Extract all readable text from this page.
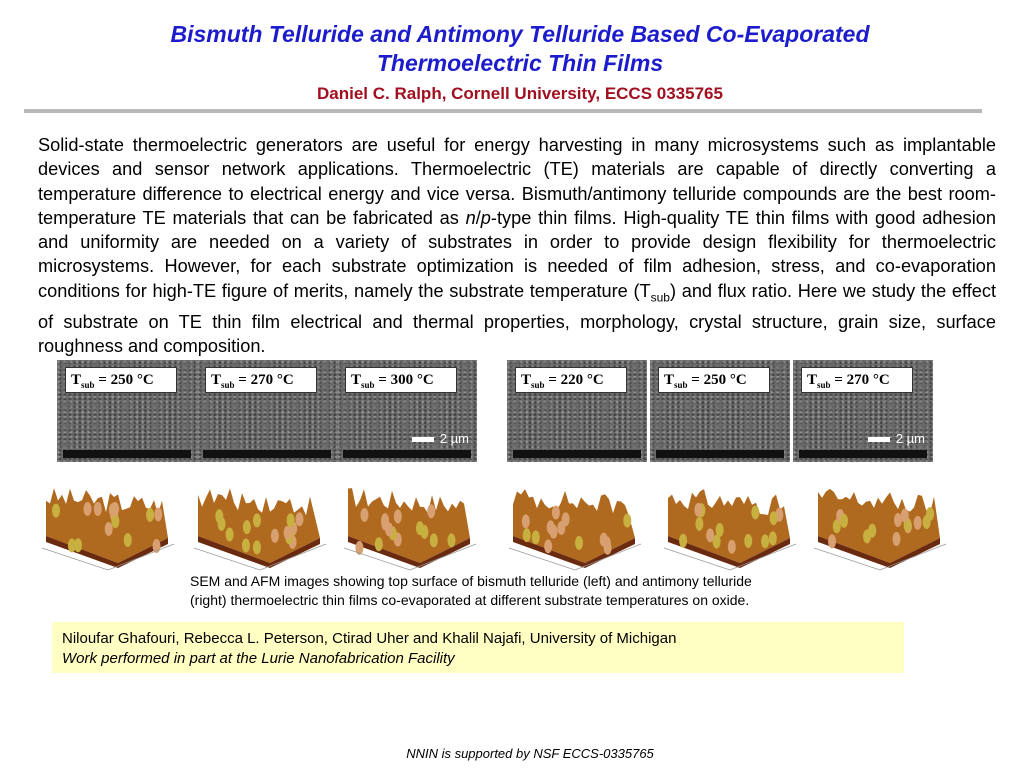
Bismuth Telluride and Antimony Telluride Based Co-Evaporated
Thermoelectric Thin Films
Daniel C. Ralph, Cornell University, ECCS 0335765
Solid-state thermoelectric generators are useful for energy harvesting in many microsystems such as implantable devices and sensor network applications. Thermoelectric (TE) materials are capable of directly converting a temperature difference to electrical energy and vice versa. Bismuth/antimony telluride compounds are the best room-temperature TE materials that can be fabricated as n/p-type thin films. High-quality TE thin films with good adhesion and uniformity are needed on a variety of substrates in order to provide design flexibility for thermoelectric microsystems. However, for each substrate optimization is needed of film adhesion, stress, and co-evaporation conditions for high-TE figure of merits, namely the substrate temperature $(T_{sub})$ and flux ratio. Here we study the effect of substrate on TE thin film electrical and thermal properties, morphology, crystal structure, grain size, surface roughness and composition.
$T_{sub} = 250$ °C	$T_{sub} = 270$ °C	$T_{sub} = 300$ °C
2 µm
$T_{sub} = 220$ °C	$T_{sub} = 250$ °C	$T_{sub} = 270$ °C
2 µm
SEM and AFM images showing top surface of bismuth telluride (left) and antimony telluride
(right) thermoelectric thin films co-evaporated at different substrate temperatures on oxide.
Niloufar Ghafouri, Rebecca L. Peterson, Ctirad Uher and Khalil Najafi, University of Michigan
Work performed in part at the Lurie Nanofabrication Facility
NNIN is supported by NSF ECCS-0335765
